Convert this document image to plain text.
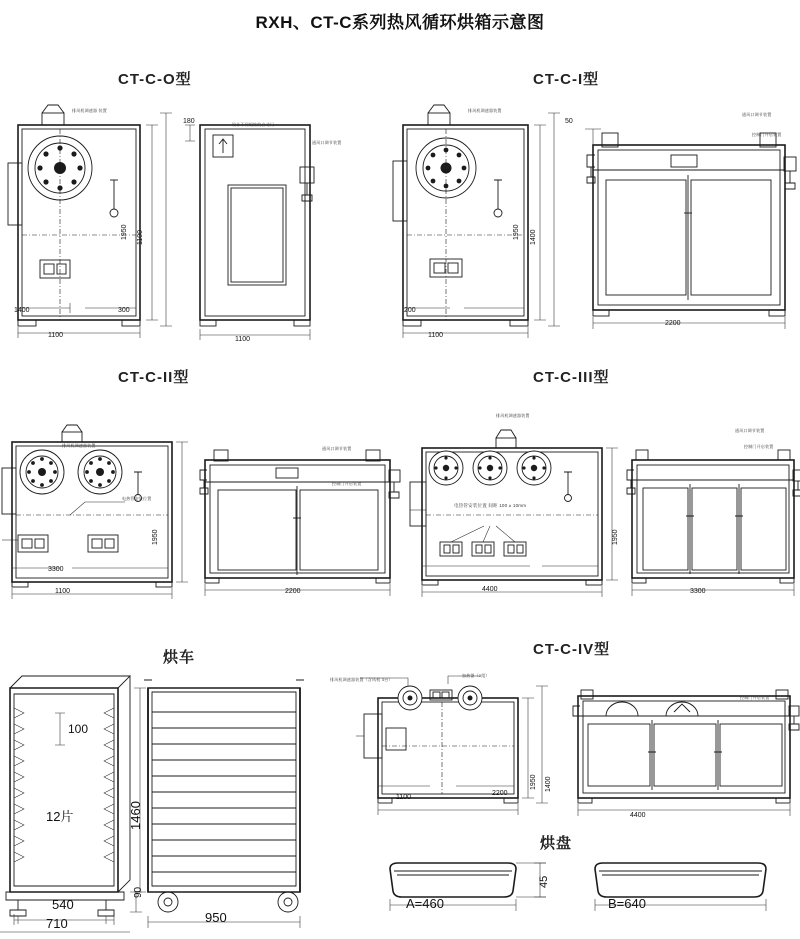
RXH、CT-C系列热风循环烘箱示意图
CT-C-O型	CT-C-I型
CT-C-II型	CT-C-III型
烘车	CT-C-IV型
烘盘
排风机调速器 装置
设计不同规格的自动门
通风口调节装置
1400	300
1100
1950 1100
1100
180
排风机调速器装置
通风口调节装置
控制门开启装置
1950 1400
200
1100
2200
50
排风机调速器装置
电热管安装位置
通风口调节装置
控制门开启装置
1950
1100	2200
3300
排风机调速器装置
电热管安装位置 间距 100 ± 10mm
通风口调节装置
控制门开启装置
1950
4400	3300
100
1460
12片
540
710	950
90
排风机调速器装置（含风机 3台）
加热器（3组）
控制门开启装置
1950 1400
1100
4400
2200
A=460	B=640
45
